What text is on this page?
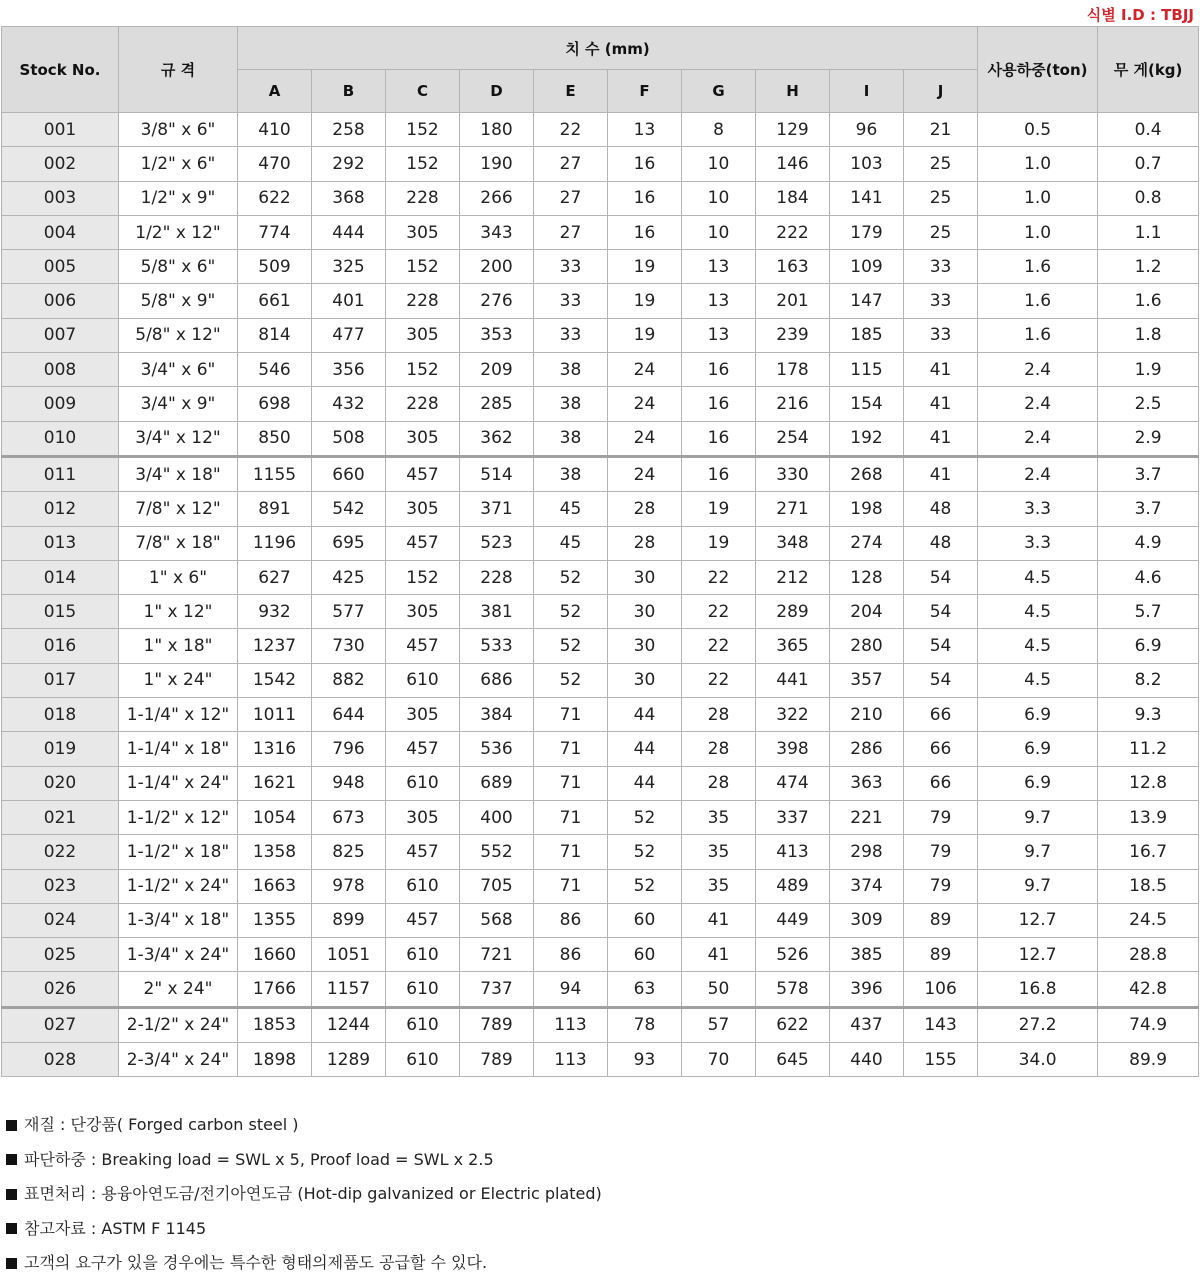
식별 I.D : TBJJ
Stock No.	규 격	치 수 (mm)										사용하중(ton)	무 게(kg)
		A	B	C	D	E	F	G	H	I	J		
001	3/8" x 6"	410	258	152	180	22	13	8	129	96	21	0.5	0.4
002	1/2" x 6"	470	292	152	190	27	16	10	146	103	25	1.0	0.7
003	1/2" x 9"	622	368	228	266	27	16	10	184	141	25	1.0	0.8
004	1/2" x 12"	774	444	305	343	27	16	10	222	179	25	1.0	1.1
005	5/8" x 6"	509	325	152	200	33	19	13	163	109	33	1.6	1.2
006	5/8" x 9"	661	401	228	276	33	19	13	201	147	33	1.6	1.6
007	5/8" x 12"	814	477	305	353	33	19	13	239	185	33	1.6	1.8
008	3/4" x 6"	546	356	152	209	38	24	16	178	115	41	2.4	1.9
009	3/4" x 9"	698	432	228	285	38	24	16	216	154	41	2.4	2.5
010	3/4" x 12"	850	508	305	362	38	24	16	254	192	41	2.4	2.9
011	3/4" x 18"	1155	660	457	514	38	24	16	330	268	41	2.4	3.7
012	7/8" x 12"	891	542	305	371	45	28	19	271	198	48	3.3	3.7
013	7/8" x 18"	1196	695	457	523	45	28	19	348	274	48	3.3	4.9
014	1" x 6"	627	425	152	228	52	30	22	212	128	54	4.5	4.6
015	1" x 12"	932	577	305	381	52	30	22	289	204	54	4.5	5.7
016	1" x 18"	1237	730	457	533	52	30	22	365	280	54	4.5	6.9
017	1" x 24"	1542	882	610	686	52	30	22	441	357	54	4.5	8.2
018	1-1/4" x 12"	1011	644	305	384	71	44	28	322	210	66	6.9	9.3
019	1-1/4" x 18"	1316	796	457	536	71	44	28	398	286	66	6.9	11.2
020	1-1/4" x 24"	1621	948	610	689	71	44	28	474	363	66	6.9	12.8
021	1-1/2" x 12"	1054	673	305	400	71	52	35	337	221	79	9.7	13.9
022	1-1/2" x 18"	1358	825	457	552	71	52	35	413	298	79	9.7	16.7
023	1-1/2" x 24"	1663	978	610	705	71	52	35	489	374	79	9.7	18.5
024	1-3/4" x 18"	1355	899	457	568	86	60	41	449	309	89	12.7	24.5
025	1-3/4" x 24"	1660	1051	610	721	86	60	41	526	385	89	12.7	28.8
026	2" x 24"	1766	1157	610	737	94	63	50	578	396	106	16.8	42.8
027	2-1/2" x 24"	1853	1244	610	789	113	78	57	622	437	143	27.2	74.9
028	2-3/4" x 24"	1898	1289	610	789	113	93	70	645	440	155	34.0	89.9
재질 : 단강품( Forged carbon steel )
파단하중 : Breaking load = SWL x 5, Proof load = SWL x 2.5
표면처리 : 용융아연도금/전기아연도금 (Hot-dip galvanized or Electric plated)
참고자료 : ASTM F 1145
고객의 요구가 있을 경우에는 특수한 형태의제품도 공급할 수 있다.
